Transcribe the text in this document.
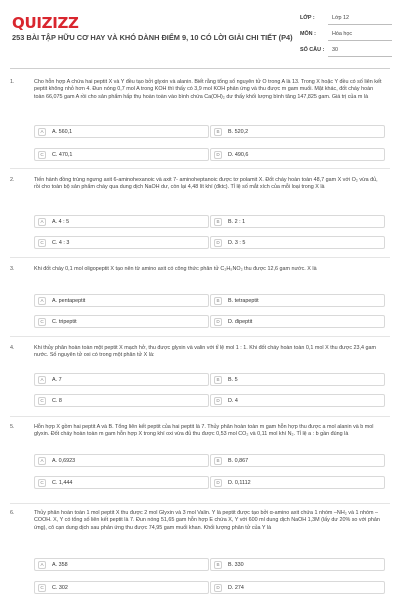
QUIZIZZ
253 BÀI TẬP HỮU CƠ HAY VÀ KHÓ DÀNH ĐIỂM 9, 10 CÓ LỜI GIẢI CHI TIẾT (P4)
LỚP :	Lớp 12
MÔN :	Hóa học
SỐ CÂU : 30
1.	Cho hỗn hợp A chứa hai peptit X và Y đều tạo bởi glyxin và alanin. Biết rằng tổng số nguyên tử O trong A là 13. Trong X hoặc Y đều có số liên kết peptit không nhỏ hơn 4. Đun nóng 0,7 mol A trong KOH thì thấy có 3,9 mol KOH phản ứng và thu được m gam muối. Mặt khác, đốt cháy hoàn toàn 66,075 gam A rồi cho sản phẩm hấp thụ hoàn toàn vào bình chứa Ca(OH)₂ dư thấy khối lượng bình tăng 147,825 gam. Giá trị của m là
A	A. 560,1	B	B. 520,2
C	C. 470,1	D	D. 490,6
2.	Tiến hành đồng trùng ngưng axit 6-aminohexanoic và axit 7- aminoheptanoic được tơ polamit X. Đốt cháy hoàn toàn 48,7 gam X với O₂ vừa đủ, rồi cho toàn bộ sản phẩm cháy qua dung dịch NaOH dư, còn lại 4,48 lít khí (đktc). Tỉ lệ số mắt xích của mỗi loại trong X là
A	A. 4 : 5	B	B. 2 : 1
C	C. 4 : 3	D	D. 3 : 5
3.	Khi đốt cháy 0,1 mol oligopeptit X tạo nên từ amino axit có công thức phân tử C₂H₅NO₂ thu được 12,6 gam nước. X là
A	A. pentapeptit	B	B. tetrapeptit
C	C. tripeptit	D	D. đipeptit
4.	Khi thủy phân hoàn toàn một peptit X mạch hở, thu được glyxin và valin với tỉ lệ mol 1 : 1. Khi đốt cháy hoàn toàn 0,1 mol X thu được 23,4 gam nước. Số nguyên tử oxi có trong một phân tử X là:
A	A. 7	B	B. 5
C	C. 8	D	D. 4
5.	Hỗn hợp X gồm hai peptit A và B. Tổng liên kết peptit của hai peptit là 7. Thủy phân hoàn toàn m gam hỗn hợp thu được a mol alanin và b mol glyxin. Đốt cháy hoàn toàn m gam hỗn hợp X trong khí oxi vừa đủ thu được 0,53 mol CO₂ và 0,11 mol khí N₂. Tỉ lệ a : b gần đúng là
A	A. 0,6923	B	B. 0,867
C	C. 1,444	D	D. 0,1112
6.	Thủy phân hoàn toàn 1 mol peptit X thu được 2 mol Glyxin và 3 mol Valin. Y là peptit được tạo bởi α-amino axit chứa 1 nhóm –NH₂ và 1 nhóm –COOH. X, Y có tổng số liên kết peptit là 7. Đun nóng 51,65 gam hỗn hợp E chứa X, Y với 600 ml dung dịch NaOH 1,3M (lấy dư 20% so với phản ứng), cô cạn dung dịch sau phản ứng thu được 74,95 gam muối khan. Khối lượng phân tử của Y là
A	A. 358	B	B. 330
C	C. 302	D	D. 274
